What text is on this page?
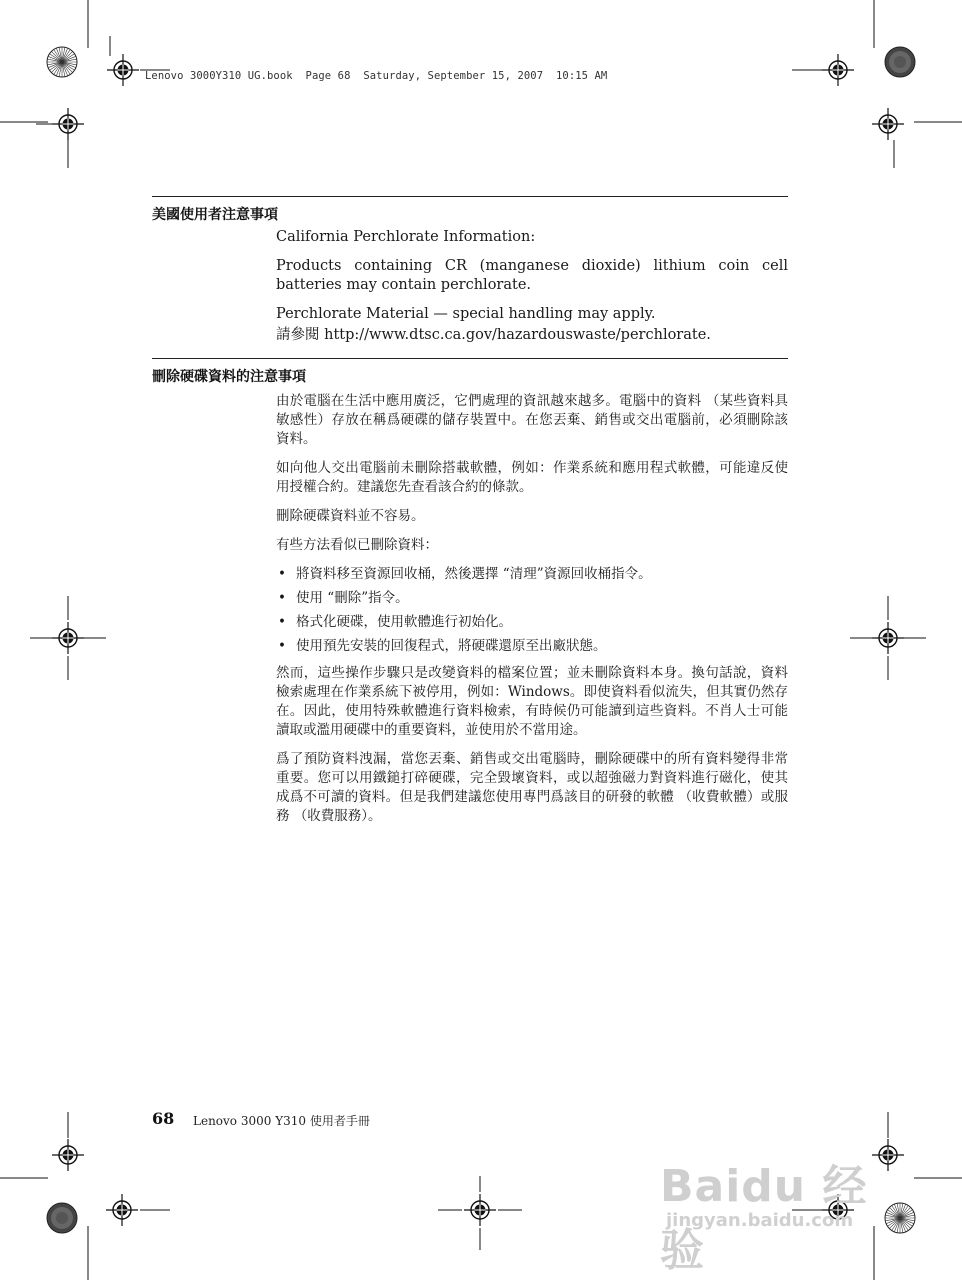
Lenovo 3000Y310 UG.book  Page 68  Saturday, September 15, 2007  10:15 AM
美國使用者注意事項

California Perchlorate Information:

Products containing CR (manganese dioxide) lithium coin cell batteries may contain perchlorate.

Perchlorate Material — special handling may apply.

請參閱 http://www.dtsc.ca.gov/hazardouswaste/perchlorate.

刪除硬碟資料的注意事項

由於電腦在生活中應用廣泛，它們處理的資訊越來越多。電腦中的資料 （某些資料具敏感性）存放在稱爲硬碟的儲存裝置中。在您丟棄、銷售或交出電腦前，必須刪除該資料。

如向他人交出電腦前未刪除搭載軟體，例如：作業系統和應用程式軟體，可能違反使用授權合約。建議您先查看該合約的條款。

刪除硬碟資料並不容易。

有些方法看似已刪除資料：

• 將資料移至資源回收桶，然後選擇 “清理”資源回收桶指令。
• 使用 “刪除”指令。
• 格式化硬碟，使用軟體進行初始化。
• 使用預先安裝的回復程式，將硬碟還原至出廠狀態。

然而，這些操作步驟只是改變資料的檔案位置；並未刪除資料本身。換句話說，資料檢索處理在作業系統下被停用，例如：Windows。即使資料看似流失，但其實仍然存在。因此，使用特殊軟體進行資料檢索，有時候仍可能讀到這些資料。不肖人士可能讀取或濫用硬碟中的重要資料，並使用於不當用途。

爲了預防資料洩漏，當您丟棄、銷售或交出電腦時，刪除硬碟中的所有資料變得非常重要。您可以用鐵鎚打碎硬碟，完全毀壞資料，或以超強磁力對資料進行磁化，使其成爲不可讀的資料。但是我們建議您使用專門爲該目的研發的軟體 （收費軟體）或服務 （收費服務）。

68 Lenovo 3000 Y310 使用者手冊
Baidu 经验
jingyan.baidu.com
